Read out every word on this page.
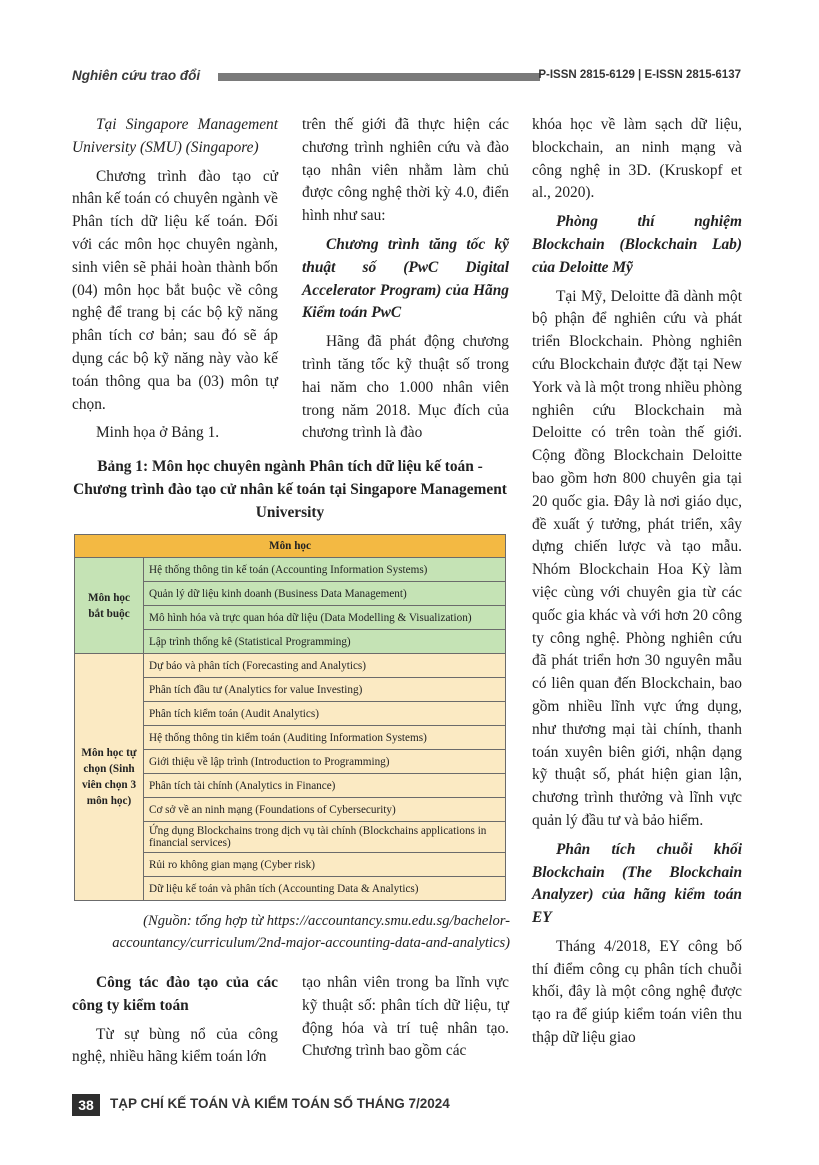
Nghiên cứu trao đổi	P-ISSN 2815-6129 | E-ISSN 2815-6137

Tại Singapore Management University (SMU) (Singapore)

Chương trình đào tạo cử nhân kế toán có chuyên ngành về Phân tích dữ liệu kế toán. Đối với các môn học chuyên ngành, sinh viên sẽ phải hoàn thành bốn (04) môn học bắt buộc về công nghệ để trang bị các bộ kỹ năng phân tích cơ bản; sau đó sẽ áp dụng các bộ kỹ năng này vào kế toán thông qua ba (03) môn tự chọn.

Minh họa ở Bảng 1.

trên thế giới đã thực hiện các chương trình nghiên cứu và đào tạo nhân viên nhằm làm chủ được công nghệ thời kỳ 4.0, điển hình như sau:

Chương trình tăng tốc kỹ thuật số (PwC Digital Accelerator Program) của Hãng Kiểm toán PwC

Hãng đã phát động chương trình tăng tốc kỹ thuật số trong hai năm cho 1.000 nhân viên trong năm 2018. Mục đích của chương trình là đào

khóa học về làm sạch dữ liệu, blockchain, an ninh mạng và công nghệ in 3D. (Kruskopf et al., 2020).

Phòng thí nghiệm Blockchain (Blockchain Lab) của Deloitte Mỹ

Tại Mỹ, Deloitte đã dành một bộ phận để nghiên cứu và phát triển Blockchain. Phòng nghiên cứu Blockchain được đặt tại New York và là một trong nhiều phòng nghiên cứu Blockchain mà Deloitte có trên toàn thế giới. Cộng đồng Blockchain Deloitte bao gồm hơn 800 chuyên gia tại 20 quốc gia. Đây là nơi giáo dục, đề xuất ý tưởng, phát triển, xây dựng chiến lược và tạo mẫu. Nhóm Blockchain Hoa Kỳ làm việc cùng với chuyên gia từ các quốc gia khác và với hơn 20 công ty công nghệ. Phòng nghiên cứu đã phát triển hơn 30 nguyên mẫu có liên quan đến Blockchain, bao gồm nhiều lĩnh vực ứng dụng, như thương mại tài chính, thanh toán xuyên biên giới, nhận dạng kỹ thuật số, phát hiện gian lận, chương trình thưởng và lĩnh vực quản lý đầu tư và bảo hiểm.

Phân tích chuỗi khối Blockchain (The Blockchain Analyzer) của hãng kiểm toán EY

Tháng 4/2018, EY công bố thí điểm công cụ phân tích chuỗi khối, đây là một công nghệ được tạo ra để giúp kiểm toán viên thu thập dữ liệu giao

Bảng 1: Môn học chuyên ngành Phân tích dữ liệu kế toán - Chương trình đào tạo cử nhân kế toán tại Singapore Management University
Môn học	
Môn học bắt buộc	Hệ thống thông tin kế toán (Accounting Information Systems)
	Quản lý dữ liệu kinh doanh (Business Data Management)
	Mô hình hóa và trực quan hóa dữ liệu (Data Modelling & Visualization)
	Lập trình thống kê (Statistical Programming)
Môn học tự chọn (Sinh viên chọn 3 môn học)	Dự báo và phân tích (Forecasting and Analytics)
	Phân tích đầu tư (Analytics for value Investing)
	Phân tích kiểm toán (Audit Analytics)
	Hệ thống thông tin kiểm toán (Auditing Information Systems)
	Giới thiệu về lập trình (Introduction to Programming)
	Phân tích tài chính (Analytics in Finance)
	Cơ sở về an ninh mạng (Foundations of Cybersecurity)
	Ứng dụng Blockchains trong dịch vụ tài chính (Blockchains applications in financial services)
	Rủi ro không gian mạng (Cyber risk)
	Dữ liệu kế toán và phân tích (Accounting Data & Analytics)
(Nguồn: tổng hợp từ https://accountancy.smu.edu.sg/bachelor-accountancy/curriculum/2nd-major-accounting-data-and-analytics)

Công tác đào tạo của các công ty kiểm toán

Từ sự bùng nổ của công nghệ, nhiều hãng kiểm toán lớn

tạo nhân viên trong ba lĩnh vực kỹ thuật số: phân tích dữ liệu, tự động hóa và trí tuệ nhân tạo. Chương trình bao gồm các

38	TẠP CHÍ KẾ TOÁN VÀ KIỂM TOÁN SỐ THÁNG 7/2024
